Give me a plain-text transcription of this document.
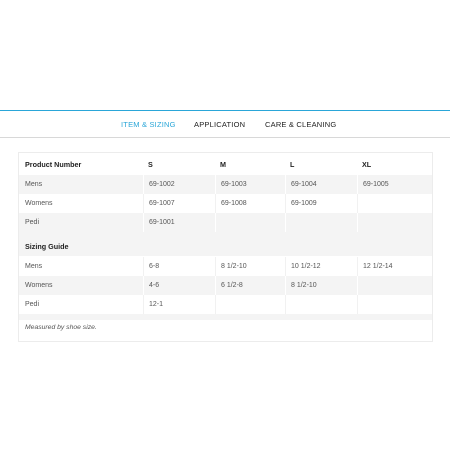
ITEM & SIZING APPLICATION	CARE & CLEANING
Product Number	S	M	L	XL
Mens	69-1002	69-1003	69-1004	69-1005
Womens	69-1007	69-1008	69-1009
Pedi	69-1001
Sizing Guide
Mens	6-8	8 1/2-10	10 1/2-12	12 1/2-14
Womens	4-6	6 1/2-8	8 1/2-10
Pedi	12-1
Measured by shoe size.
